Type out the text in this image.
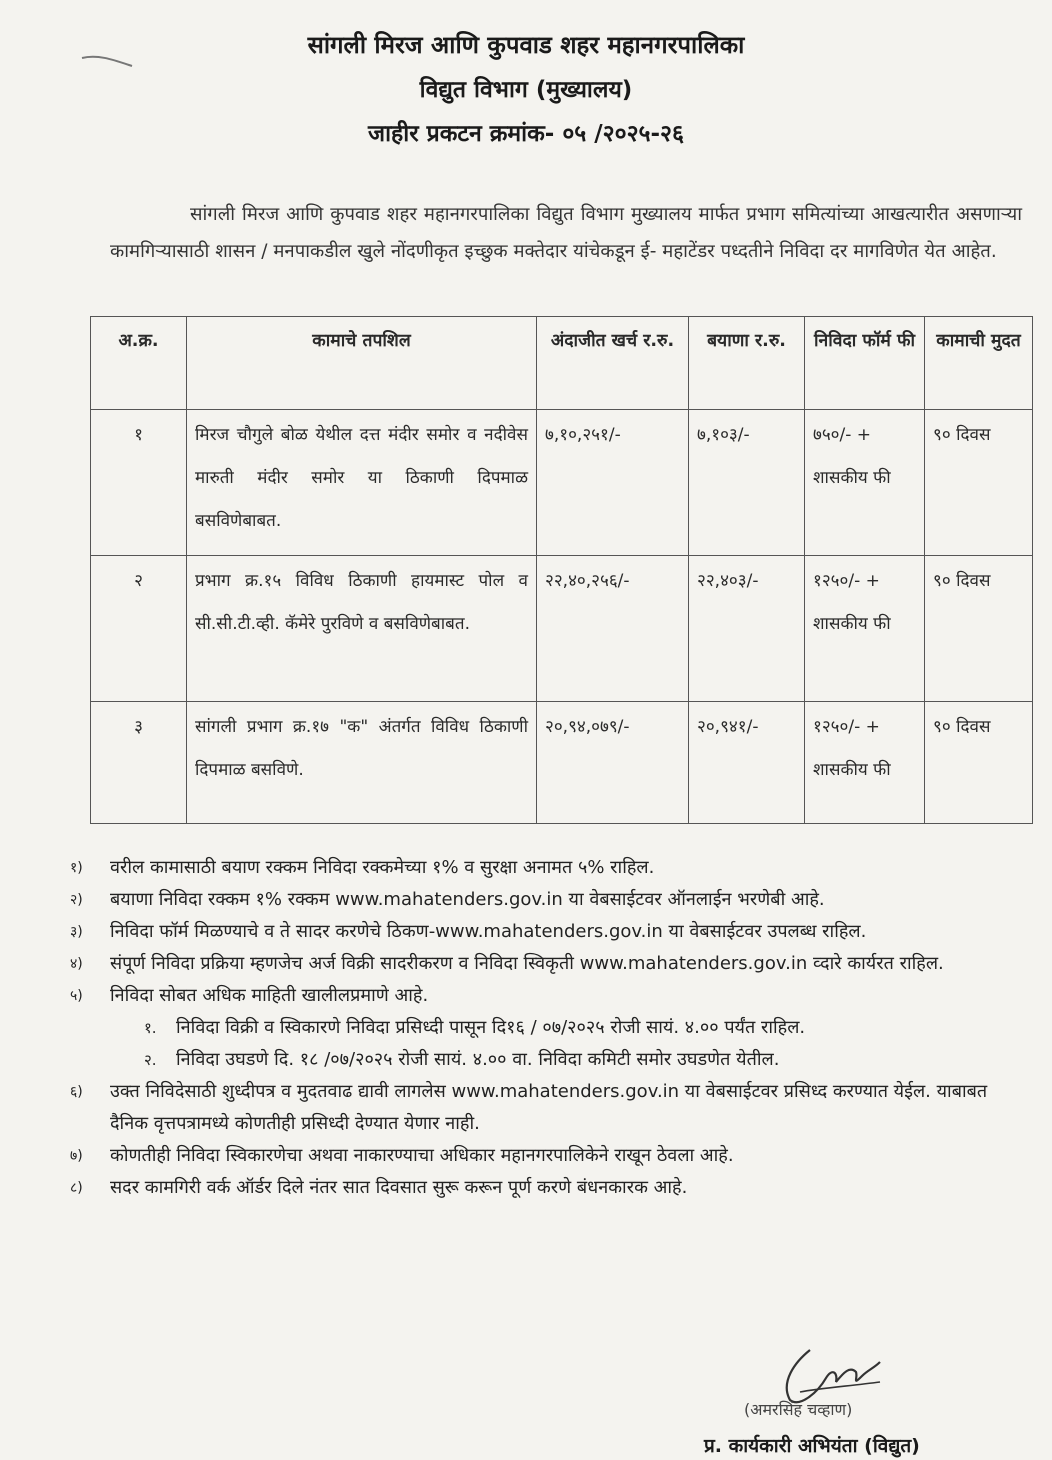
सांगली मिरज आणि कुपवाड शहर महानगरपालिका
विद्युत विभाग (मुख्यालय)
जाहीर प्रकटन क्रमांक- ०५ /२०२५-२६
सांगली मिरज आणि कुपवाड शहर महानगरपालिका विद्युत विभाग मुख्यालय मार्फत प्रभाग समित्यांच्या आखत्यारीत असणाऱ्या कामगिऱ्यासाठी शासन / मनपाकडील खुले नोंदणीकृत इच्छुक मक्तेदार यांचेकडून ई- महाटेंडर पध्दतीने निविदा दर मागविणेत येत आहेत.
अ.क्र.	कामाचे तपशिल	अंदाजीत खर्च र.रु.	बयाणा र.रु.	निविदा फॉर्म फी	कामाची मुदत
१	मिरज चौगुले बोळ येथील दत्त मंदीर समोर व नदीवेस मारुती मंदीर समोर या ठिकाणी दिपमाळ बसविणेबाबत.	७,१०,२५१/-	७,१०३/-	७५०/- + शासकीय फी	९० दिवस
२	प्रभाग क्र.१५ विविध ठिकाणी हायमास्ट पोल व सी.सी.टी.व्ही. कॅमेरे पुरविणे व बसविणेबाबत.	२२,४०,२५६/-	२२,४०३/-	१२५०/- + शासकीय फी	९० दिवस
३	सांगली प्रभाग क्र.१७ "क" अंतर्गत विविध ठिकाणी दिपमाळ बसविणे.	२०,९४,०७९/-	२०,९४१/-	१२५०/- + शासकीय फी	९० दिवस
१)	वरील कामासाठी बयाण रक्कम निविदा रक्कमेच्या १% व सुरक्षा अनामत ५% राहिल.
२)	बयाणा निविदा रक्कम १% रक्कम www.mahatenders.gov.in या वेबसाईटवर ऑनलाईन भरणेबी आहे.
३)	निविदा फॉर्म मिळण्याचे व ते सादर करणेचे ठिकण-www.mahatenders.gov.in या वेबसाईटवर उपलब्ध राहिल.
४)	संपूर्ण निविदा प्रक्रिया म्हणजेच अर्ज विक्री सादरीकरण व निविदा स्विकृती www.mahatenders.gov.in व्दारे कार्यरत राहिल.
५)	निविदा सोबत अधिक माहिती खालीलप्रमाणे आहे.
१. निविदा विक्री व स्विकारणे निविदा प्रसिध्दी पासून दि१६ / ०७/२०२५ रोजी सायं. ४.०० पर्यंत राहिल.
२. निविदा उघडणे दि. १८ /०७/२०२५ रोजी सायं. ४.०० वा. निविदा कमिटी समोर उघडणेत येतील.
६)	उक्त निविदेसाठी शुध्दीपत्र व मुदतवाढ द्यावी लागलेस www.mahatenders.gov.in या वेबसाईटवर प्रसिध्द करण्यात येईल. याबाबत दैनिक वृत्तपत्रामध्ये कोणतीही प्रसिध्दी देण्यात येणार नाही.
७)	कोणतीही निविदा स्विकारणेचा अथवा नाकारण्याचा अधिकार महानगरपालिकेने राखून ठेवला आहे.
८)	सदर कामगिरी वर्क ऑर्डर दिले नंतर सात दिवसात सुरू करून पूर्ण करणे बंधनकारक आहे.
(अमरसिंह चव्हाण)
प्र. कार्यकारी अभियंता (विद्युत)
